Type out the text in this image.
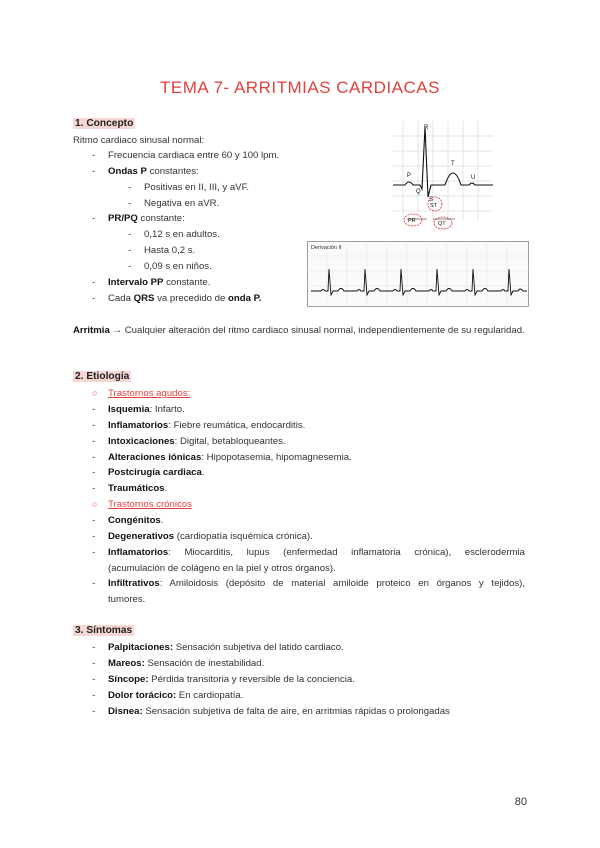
TEMA 7- ARRITMIAS CARDIACAS
1. Concepto
Ritmo cardiaco sinusal normal:
- Frecuencia cardiaca entre 60 y 100 lpm.
- Ondas P constantes:
- Positivas en II, III, y aVF.
- Negativa en aVR.
- PR/PQ constante:
- 0,12 s en adultos.
- Hasta 0,2 s.
- 0,09 s en niños.
- Intervalo PP constante.
- Cada QRS va precedido de onda P.
R
T
P	U
Q
S
ST
PR	QT
Derivación II
Arritmia → Cualquier alteración del ritmo cardiaco sinusal normal, independientemente de su regularidad.
2. Etiología
○ Trastornos agudos:
- Isquemia: Infarto.
- Inflamatorios: Fiebre reumática, endocarditis.
- Intoxicaciones: Digital, betabloqueantes.
- Alteraciones iónicas: Hipopotasemia, hipomagnesemia.
- Postcirugía cardiaca.
- Traumáticos.
○ Trastornos crónicos
- Congénitos.
- Degenerativos (cardiopatía isquémica crónica).
- Inflamatorios: Miocarditis, lupus (enfermedad inflamatoria crónica), esclerodermia
(acumulación de colágeno en la piel y otros órganos).
- Infiltrativos: Amiloidosis (depósito de material amiloide proteico en órganos y tejidos),
tumores.
3. Síntomas
- Palpitaciones: Sensación subjetiva del latido cardiaco.
- Mareos: Sensación de inestabilidad.
- Síncope: Pérdida transitoria y reversible de la conciencia.
- Dolor torácico: En cardiopatía.
- Disnea: Sensación subjetiva de falta de aire, en arritmias rápidas o prolongadas
80
